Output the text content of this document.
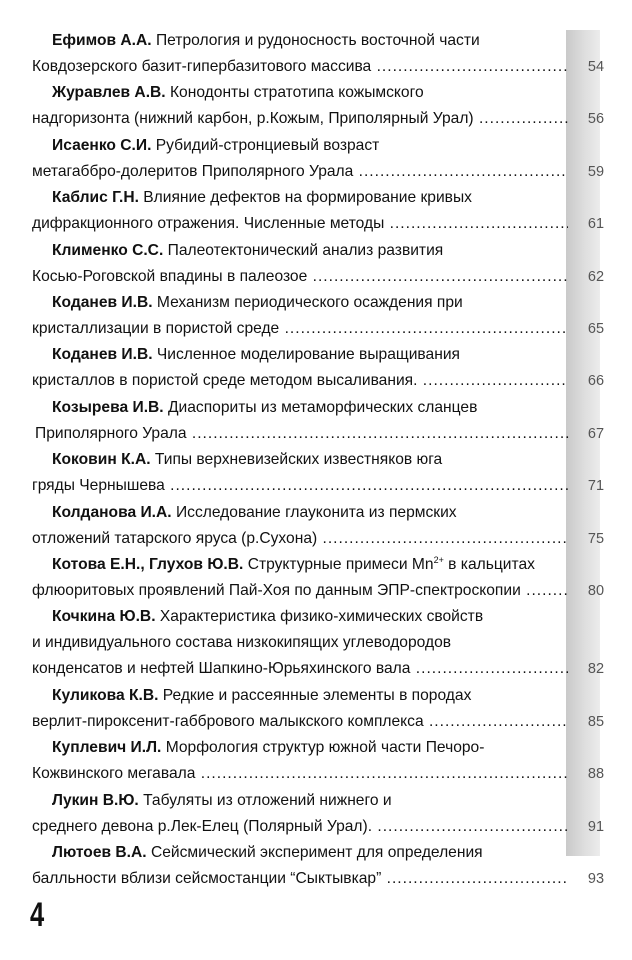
Ефимов А.А. Петрология и рудоносность восточной части
Ковдозерского базит-гипербазитового массива .....	54
Журавлев А.В. Конодонты стратотипа кожымского
надгоризонта (нижний карбон, р.Кожым, Приполярный Урал) .....	56
Исаенко С.И. Рубидий-стронциевый возраст
метагаббро-долеритов Приполярного Урала .....	59
Каблис Г.Н. Влияние дефектов на формирование кривых
дифракционного отражения. Численные методы .....	61
Клименко С.С. Палеотектонический анализ развития
Косью-Роговской впадины в палеозое .....	62
Коданев И.В. Механизм периодического осаждения при
кристаллизации в пористой среде .....	65
Коданев И.В. Численное моделирование выращивания
кристаллов в пористой среде методом высаливания. .....	66
Козырева И.В. Диаспориты из метаморфических сланцев
Приполярного Урала .....	67
Коковин К.А. Типы верхневизейских известняков юга
гряды Чернышева .....	71
Колданова И.А. Исследование глауконита из пермских
отложений татарского яруса (р.Сухона) .....	75
Котова Е.Н., Глухов Ю.В. Структурные примеси $Mn^{2+}$ в кальцитах
флюоритовых проявлений Пай-Хоя по данным ЭПР-спектроскопии .....	80
Кочкина Ю.В. Характеристика физико-химических свойств
и индивидуального состава низкокипящих углеводородов
конденсатов и нефтей Шапкино-Юрьяхинского вала .....	82
Куликова К.В. Редкие и рассеянные элементы в породах
верлит-пироксенит-габбрового малыкского комплекса .....	85
Куплевич И.Л. Морфология структур южной части Печоро-
Кожвинского мегавала .....	88
Лукин В.Ю. Табуляты из отложений нижнего и
среднего девона р.Лек-Елец (Полярный Урал). .....	91
Лютоев В.А. Сейсмический эксперимент для определения
балльности вблизи сейсмостанции “Сыктывкар” .....	93
4
